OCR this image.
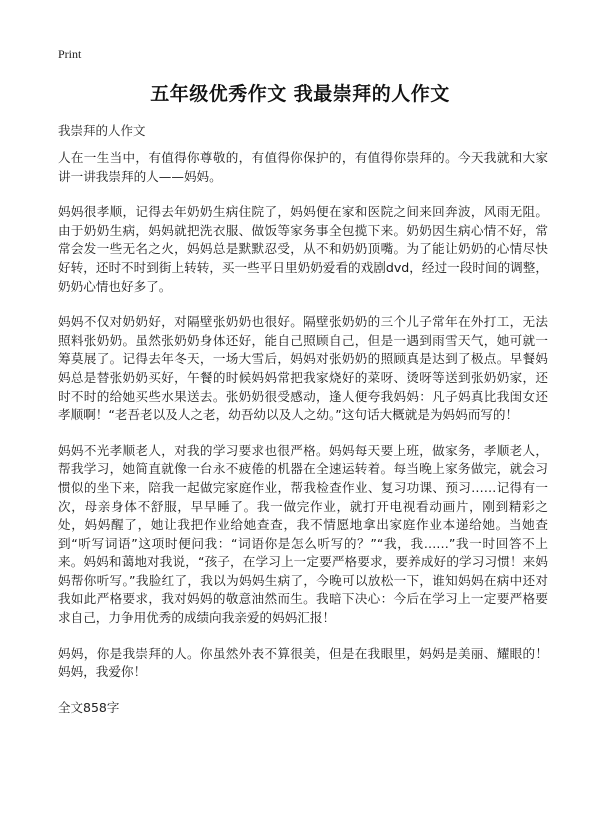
Print
五年级优秀作文 我最崇拜的人作文
我崇拜的人作文

人在一生当中，有值得你尊敬的，有值得你保护的，有值得你崇拜的。今天我就和大家讲一讲我崇拜的人——妈妈。

妈妈很孝顺，记得去年奶奶生病住院了，妈妈便在家和医院之间来回奔波，风雨无阻。由于奶奶生病，妈妈就把洗衣服、做饭等家务事全包揽下来。奶奶因生病心情不好，常常会发一些无名之火，妈妈总是默默忍受，从不和奶奶顶嘴。为了能让奶奶的心情尽快好转，还时不时到街上转转，买一些平日里奶奶爱看的戏剧dvd，经过一段时间的调整，奶奶心情也好多了。

妈妈不仅对奶奶好，对隔壁张奶奶也很好。隔壁张奶奶的三个儿子常年在外打工，无法照料张奶奶。虽然张奶奶身体还好，能自己照顾自己，但是一遇到雨雪天气，她可就一筹莫展了。记得去年冬天，一场大雪后，妈妈对张奶奶的照顾真是达到了极点。早餐妈妈总是替张奶奶买好，午餐的时候妈妈常把我家烧好的菜呀、烫呀等送到张奶奶家，还时不时的给她买些水果送去。张奶奶很受感动，逢人便夸我妈妈：凡子妈真比我闺女还孝顺啊！“老吾老以及人之老，幼吾幼以及人之幼。”这句话大概就是为妈妈而写的！

妈妈不光孝顺老人，对我的学习要求也很严格。妈妈每天要上班，做家务，孝顺老人，帮我学习，她简直就像一台永不疲倦的机器在全速运转着。每当晚上家务做完，就会习惯似的坐下来，陪我一起做完家庭作业，帮我检查作业、复习功课、预习……记得有一次，母亲身体不舒服，早早睡了。我一做完作业，就打开电视看动画片，刚到精彩之处，妈妈醒了，她让我把作业给她查查，我不情愿地拿出家庭作业本递给她。当她查到“听写词语”这项时便问我：“词语你是怎么听写的？”“我，我……”我一时回答不上来。妈妈和蔼地对我说，“孩子，在学习上一定要严格要求，要养成好的学习习惯！来妈妈帮你听写。”我脸红了，我以为妈妈生病了，今晚可以放松一下，谁知妈妈在病中还对我如此严格要求，我对妈妈的敬意油然而生。我暗下决心：今后在学习上一定要严格要求自己，力争用优秀的成绩向我亲爱的妈妈汇报！

妈妈，你是我崇拜的人。你虽然外表不算很美，但是在我眼里，妈妈是美丽、耀眼的！妈妈，我爱你！

全文858字
